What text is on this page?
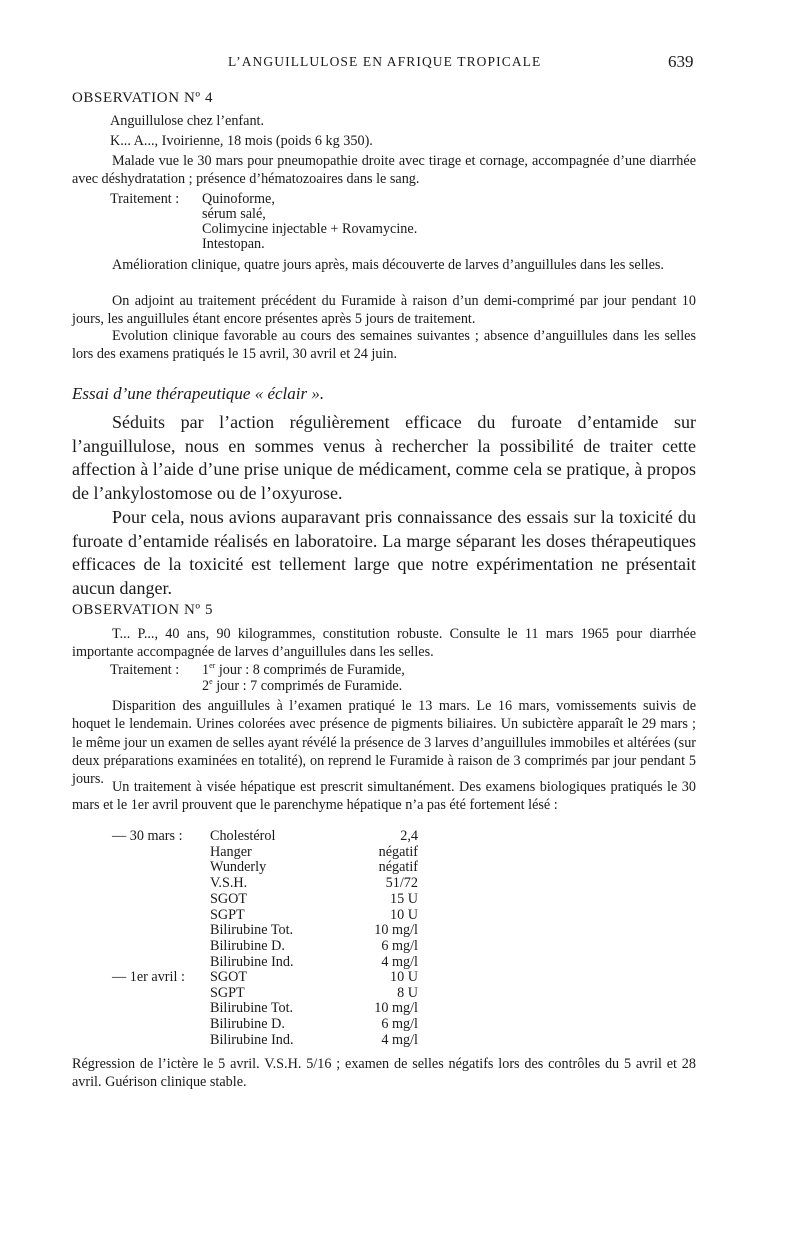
L’ANGUILLULOSE EN AFRIQUE TROPICALE	639
OBSERVATION Nº 4
Anguillulose chez l’enfant.
K... A..., Ivoirienne, 18 mois (poids 6 kg 350).
Malade vue le 30 mars pour pneumopathie droite avec tirage et cornage, accompagnée d’une diarrhée avec déshydratation ; présence d’hématozoaires dans le sang.
Traitement : Quinoforme,
sérum salé,
Colimycine injectable + Rovamycine.
Intestopan.
Amélioration clinique, quatre jours après, mais découverte de larves d’anguillules dans les selles.
On adjoint au traitement précédent du Furamide à raison d’un demi-comprimé par jour pendant 10 jours, les anguillules étant encore présentes après 5 jours de traitement.
Evolution clinique favorable au cours des semaines suivantes ; absence d’anguillules dans les selles lors des examens pratiqués le 15 avril, 30 avril et 24 juin.
Essai d’une thérapeutique « éclair ».
Séduits par l’action régulièrement efficace du furoate d’entamide sur l’anguillulose, nous en sommes venus à rechercher la possibilité de traiter cette affection à l’aide d’une prise unique de médicament, comme cela se pratique, à propos de l’ankylostomose ou de l’oxyurose.
Pour cela, nous avions auparavant pris connaissance des essais sur la toxicité du furoate d’entamide réalisés en laboratoire. La marge séparant les doses thérapeutiques efficaces de la toxicité est tellement large que notre expérimentation ne présentait aucun danger.
OBSERVATION Nº 5
T... P..., 40 ans, 90 kilogrammes, constitution robuste. Consulte le 11 mars 1965 pour diarrhée importante accompagnée de larves d’anguillules dans les selles.
Traitement : 1er jour : 8 comprimés de Furamide,
2e jour : 7 comprimés de Furamide.
Disparition des anguillules à l’examen pratiqué le 13 mars. Le 16 mars, vomissements suivis de hoquet le lendemain. Urines colorées avec présence de pigments biliaires. Un subictère apparaît le 29 mars ; le même jour un examen de selles ayant révélé la présence de 3 larves d’anguillules immobiles et altérées (sur deux préparations examinées en totalité), on reprend le Furamide à raison de 3 comprimés par jour pendant 5 jours. Un traitement à visée hépatique est prescrit simultanément. Des examens biologiques pratiqués le 30 mars et le 1er avril prouvent que le parenchyme hépatique n’a pas été fortement lésé :
— 30 mars :	Cholestérol	2,4
Hanger	négatif
Wunderly	négatif
V.S.H.	51/72
SGOT	15 U
SGPT	10 U
Bilirubine Tot.	10 mg/l
Bilirubine D.	6 mg/l
Bilirubine Ind.	4 mg/l
— 1er avril :	SGOT	10 U
SGPT	8 U
Bilirubine Tot.	10 mg/l
Bilirubine D.	6 mg/l
Bilirubine Ind.	4 mg/l
Régression de l’ictère le 5 avril. V.S.H. 5/16 ; examen de selles négatifs lors des contrôles du 5 avril et 28 avril. Guérison clinique stable.
